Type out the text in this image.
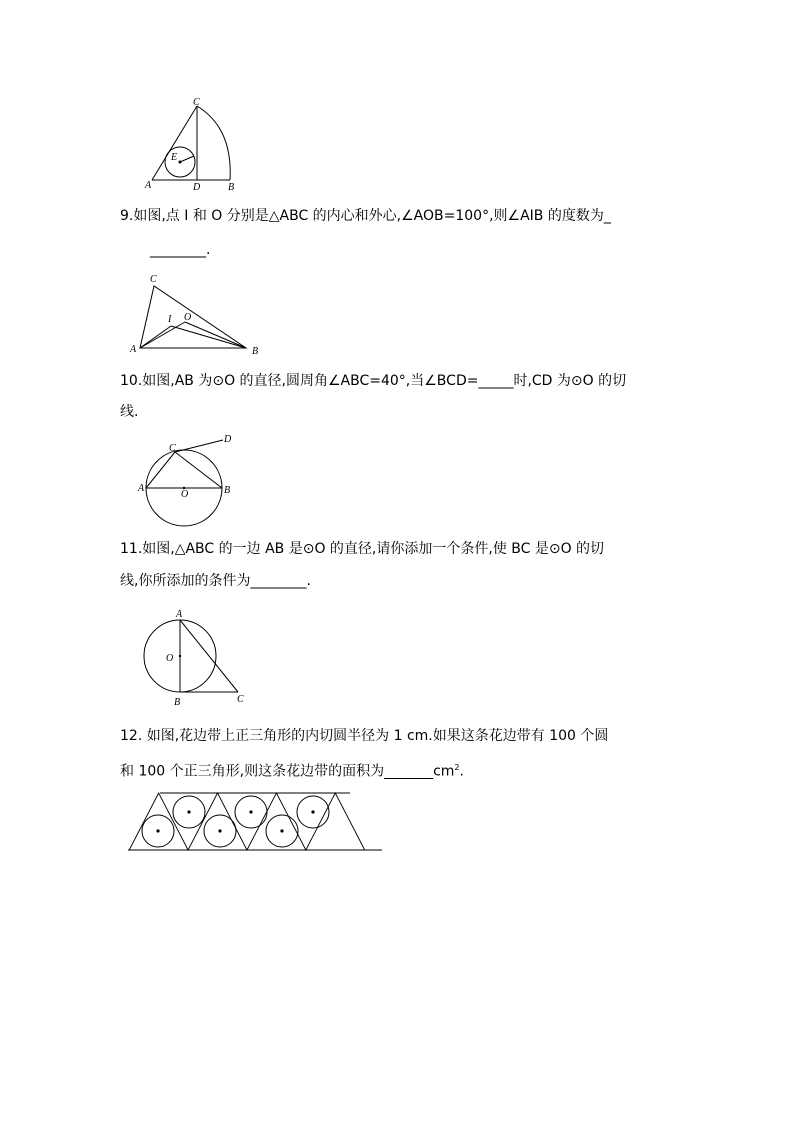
C
E
A	D	B
9.如图,点 I 和 O 分别是△ABC 的内心和外心,∠AOB=100°,则∠AIB 的度数为_
________.
C
I O
A	B
10.如图,AB 为⊙O 的直径,圆周角∠ABC=40°,当∠BCD=_____时,CD 为⊙O 的切
线.
C
D
A
O	B
11.如图,△ABC 的一边 AB 是⊙O 的直径,请你添加一个条件,使 BC 是⊙O 的切
线,你所添加的条件为________.
A
O
B	C
12. 如图,花边带上正三角形的内切圆半径为 1 cm.如果这条花边带有 100 个圆
和 100 个正三角形,则这条花边带的面积为$\_\_\_\_\_\_\_cm^2$.
